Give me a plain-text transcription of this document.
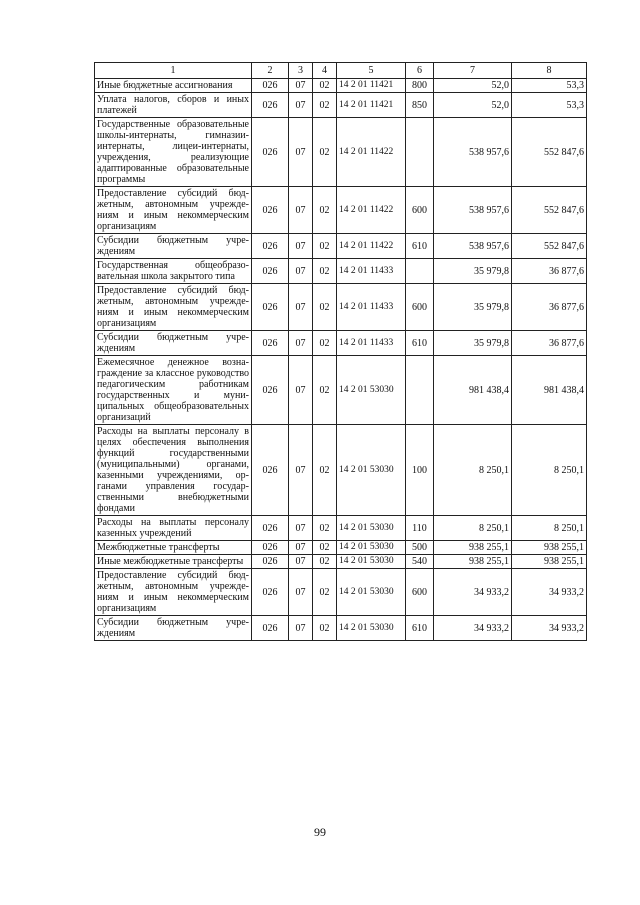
1	2	3	4	5	6	7	8
Иные бюджетные ассигнования	026	07	02	14 2 01 11421	800	52,0	53,3
Уплата налогов, сборов и иных платежей	026	07	02	14 2 01 11421	850	52,0	53,3
Государственные образовательные школы-интернаты, гимназии-интернаты, лицеи-интернаты, учреждения, реализующие адаптированные образовательные программы	026	07	02	14 2 01 11422		538 957,6	552 847,6
Предоставление субсидий бюджетным, автономным учреждениям и иным некоммерческим организациям	026	07	02	14 2 01 11422	600	538 957,6	552 847,6
Субсидии бюджетным учреждениям	026	07	02	14 2 01 11422	610	538 957,6	552 847,6
Государственная общеобразовательная школа закрытого типа	026	07	02	14 2 01 11433		35 979,8	36 877,6
Предоставление субсидий бюджетным, автономным учреждениям и иным некоммерческим организациям	026	07	02	14 2 01 11433	600	35 979,8	36 877,6
Субсидии бюджетным учреждениям	026	07	02	14 2 01 11433	610	35 979,8	36 877,6
Ежемесячное денежное вознаграждение за классное руководство педагогическим работникам государственных и муниципальных общеобразовательных организаций	026	07	02	14 2 01 53030		981 438,4	981 438,4
Расходы на выплаты персоналу в целях обеспечения выполнения функций государственными (муниципальными) органами, казенными учреждениями, органами управления государственными внебюджетными фондами	026	07	02	14 2 01 53030	100	8 250,1	8 250,1
Расходы на выплаты персоналу казенных учреждений	026	07	02	14 2 01 53030	110	8 250,1	8 250,1
Межбюджетные трансферты	026	07	02	14 2 01 53030	500	938 255,1	938 255,1
Иные межбюджетные трансферты	026	07	02	14 2 01 53030	540	938 255,1	938 255,1
Предоставление субсидий бюджетным, автономным учреждениям и иным некоммерческим организациям	026	07	02	14 2 01 53030	600	34 933,2	34 933,2
Субсидии бюджетным учреждениям	026	07	02	14 2 01 53030	610	34 933,2	34 933,2
99
